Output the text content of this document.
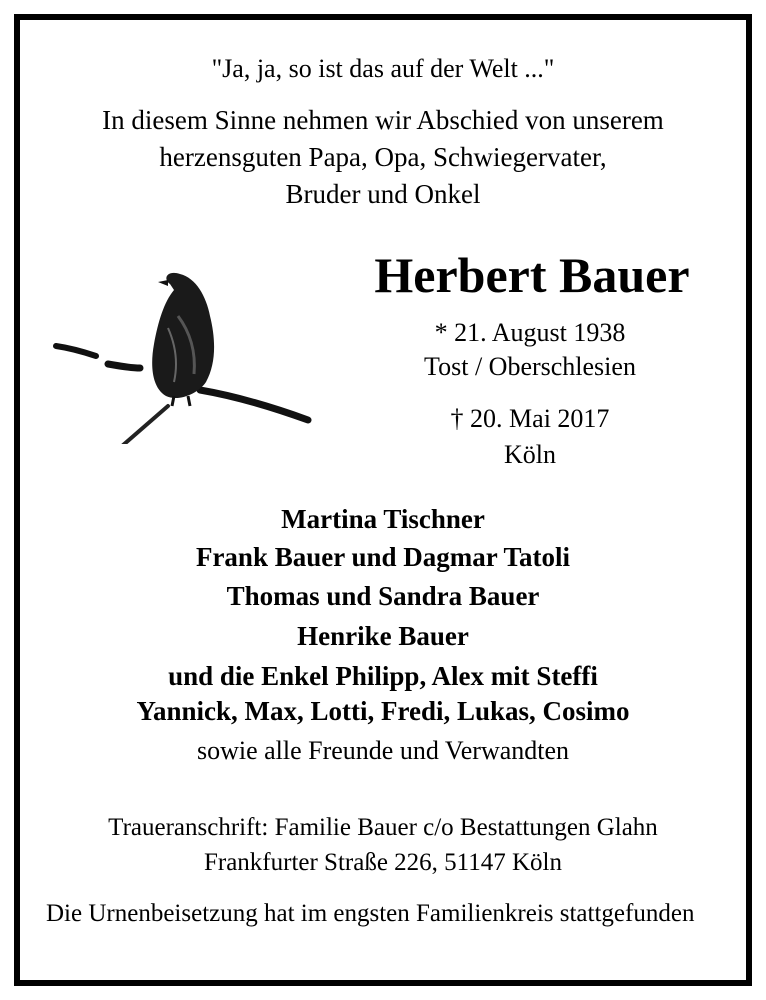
"Ja, ja, so ist das auf der Welt ..."
In diesem Sinne nehmen wir Abschied von unserem
herzensguten Papa, Opa, Schwiegervater,
Bruder und Onkel
Herbert Bauer
* 21. August 1938
Tost / Oberschlesien
† 20. Mai 2017
Köln
Martina Tischner
Frank Bauer und Dagmar Tatoli
Thomas und Sandra Bauer
Henrike Bauer
und die Enkel Philipp, Alex mit Steffi
Yannick, Max, Lotti, Fredi, Lukas, Cosimo
sowie alle Freunde und Verwandten
Traueranschrift: Familie Bauer c/o Bestattungen Glahn
Frankfurter Straße 226, 51147 Köln
Die Urnenbeisetzung hat im engsten Familienkreis stattgefunden
